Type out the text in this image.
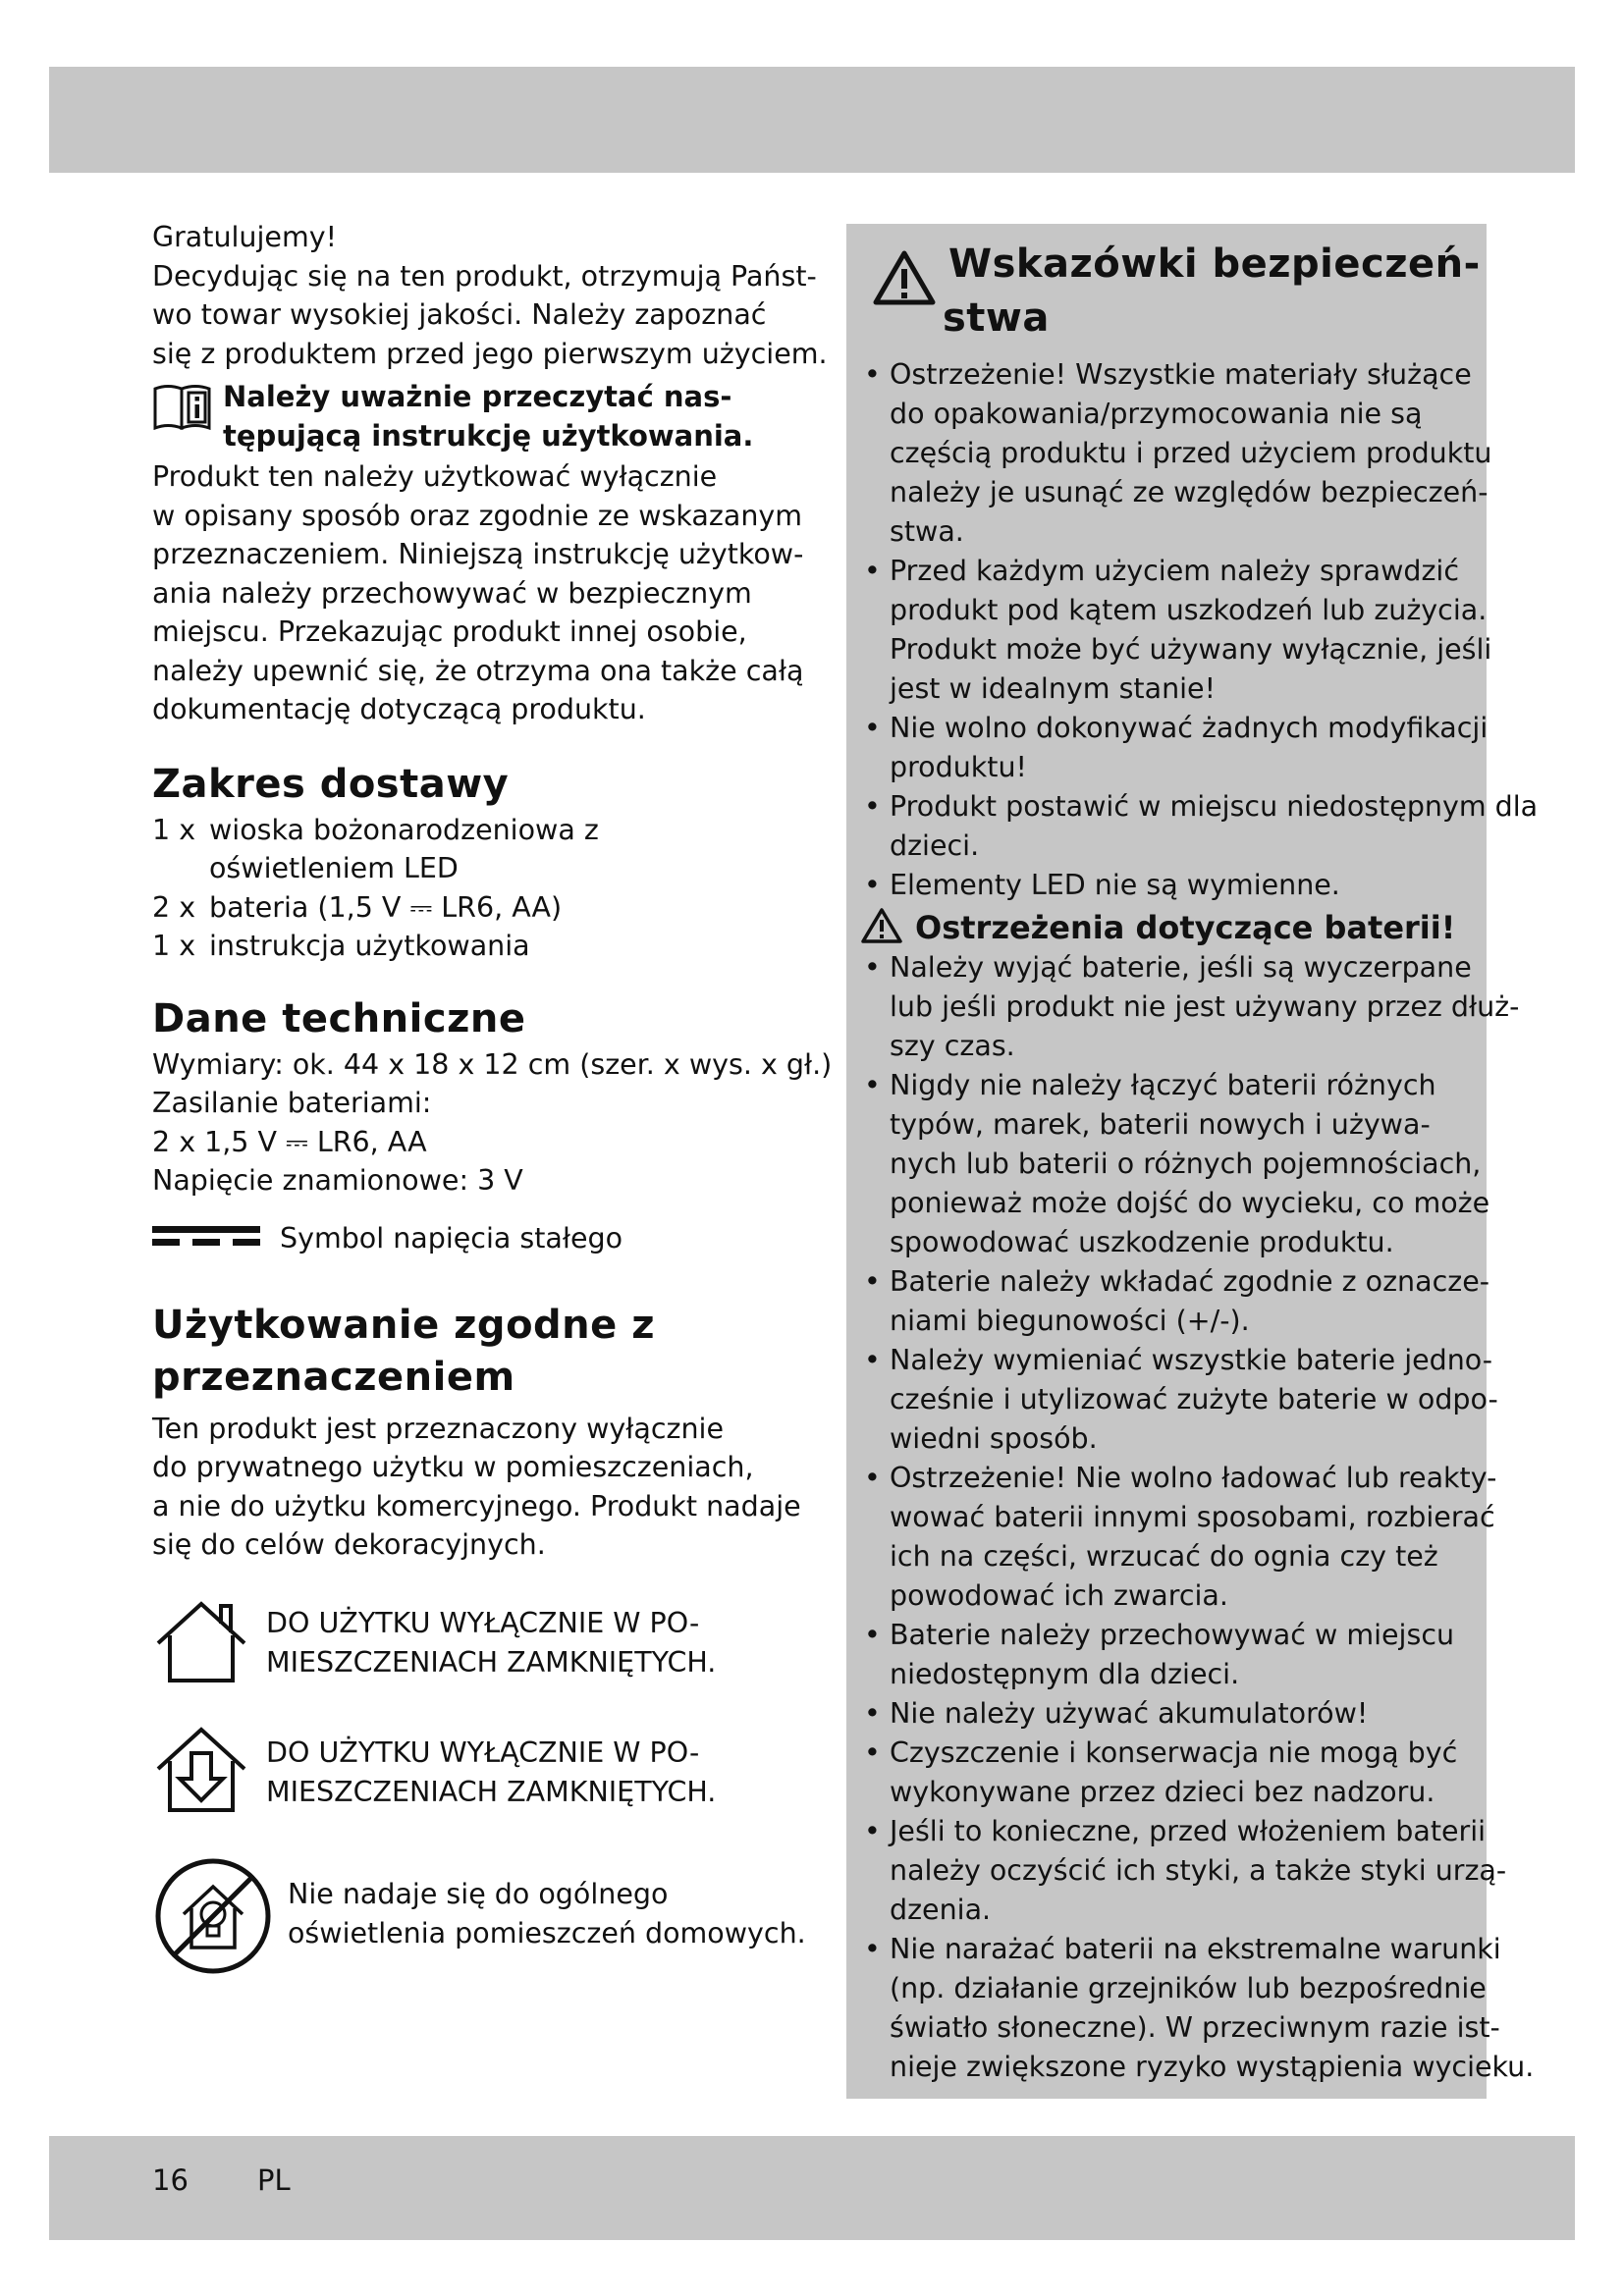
Gratulujemy!

Decydując się na ten produkt, otrzymują Państ-

wo towar wysokiej jakości. Należy zapoznać

się z produktem przed jego pierwszym użyciem.

Należy uważnie przeczytać nas-
tępującą instrukcję użytkowania.

Produkt ten należy użytkować wyłącznie

w opisany sposób oraz zgodnie ze wskazanym

przeznaczeniem. Niniejszą instrukcję użytkow-

ania należy przechowywać w bezpiecznym

miejscu. Przekazując produkt innej osobie,

należy upewnić się, że otrzyma ona także całą

dokumentację dotyczącą produktu.

Zakres dostawy
1 x wioska bożonarodzeniowa z
oświetleniem LED
2 x bateria (1,5 V ⎓ LR6, AA)
1 x instrukcja użytkowania
Dane techniczne

Wymiary: ok. 44 x 18 x 12 cm (szer. x wys. x gł.)

Zasilanie bateriami:

2 x 1,5 V ⎓ LR6, AA

Napięcie znamionowe: 3 V

Symbol napięcia stałego
Użytkowanie zgodne z
przeznaczeniem

Ten produkt jest przeznaczony wyłącznie

do prywatnego użytku w pomieszczeniach,

a nie do użytku komercyjnego. Produkt nadaje

się do celów dekoracyjnych.

DO UŻYTKU WYŁĄCZNIE W PO-
MIESZCZENIACH ZAMKNIĘTYCH.
DO UŻYTKU WYŁĄCZNIE W PO-
MIESZCZENIACH ZAMKNIĘTYCH.
Nie nadaje się do ogólnego
oświetlenia pomieszczeń domowych.
Wskazówki bezpieczeń-
stwa
• Ostrzeżenie! Wszystkie materiały służące
do opakowania/przymocowania nie są
częścią produktu i przed użyciem produktu
należy je usunąć ze względów bezpieczeń-
stwa.
• Przed każdym użyciem należy sprawdzić
produkt pod kątem uszkodzeń lub zużycia.
Produkt może być używany wyłącznie, jeśli
jest w idealnym stanie!
• Nie wolno dokonywać żadnych modyfikacji
produktu!
• Produkt postawić w miejscu niedostępnym dla
dzieci.
• Elementy LED nie są wymienne.
Ostrzeżenia dotyczące baterii!
• Należy wyjąć baterie, jeśli są wyczerpane
lub jeśli produkt nie jest używany przez dłuż-
szy czas.
• Nigdy nie należy łączyć baterii różnych
typów, marek, baterii nowych i używa-
nych lub baterii o różnych pojemnościach,
ponieważ może dojść do wycieku, co może
spowodować uszkodzenie produktu.
• Baterie należy wkładać zgodnie z oznacze-
niami biegunowości (+/-).
• Należy wymieniać wszystkie baterie jedno-
cześnie i utylizować zużyte baterie w odpo-
wiedni sposób.
• Ostrzeżenie! Nie wolno ładować lub reakty-
wować baterii innymi sposobami, rozbierać
ich na części, wrzucać do ognia czy też
powodować ich zwarcia.
• Baterie należy przechowywać w miejscu
niedostępnym dla dzieci.
• Nie należy używać akumulatorów!
• Czyszczenie i konserwacja nie mogą być
wykonywane przez dzieci bez nadzoru.
• Jeśli to konieczne, przed włożeniem baterii
należy oczyścić ich styki, a także styki urzą-
dzenia.
• Nie narażać baterii na ekstremalne warunki
(np. działanie grzejników lub bezpośrednie
światło słoneczne). W przeciwnym razie ist-
nieje zwiększone ryzyko wystąpienia wycieku.
16 PL
